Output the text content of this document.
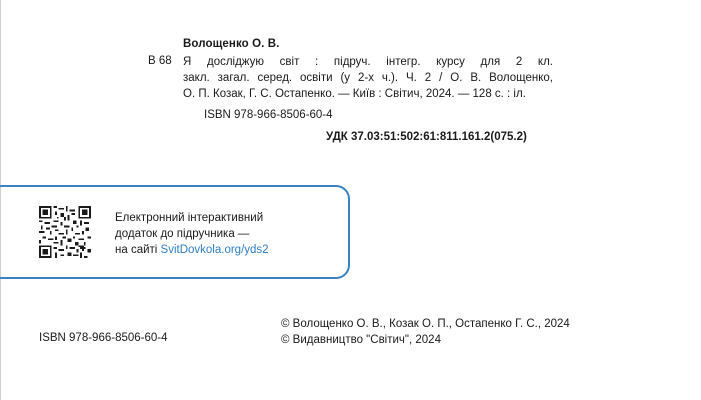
Волощенко О. В.
В 68 Я досліджую світ : підруч. інтегр. курсу для 2 кл.
закл. загал. серед. освіти (у 2-х ч.). Ч. 2 / О. В. Волощенко,
О. П. Козак, Г. С. Остапенко. — Київ : Світич, 2024. — 128 с. : іл.
ISBN 978-966-8506-60-4
УДК 37.03:51:502:61:811.161.2(075.2)
Електронний інтерактивний
додаток до підручника —
на сайті SvitDovkola.org/yds2
ISBN 978-966-8506-60-4
© Волощенко О. В., Козак О. П., Остапенко Г. С., 2024
© Видавництво "Світич", 2024
